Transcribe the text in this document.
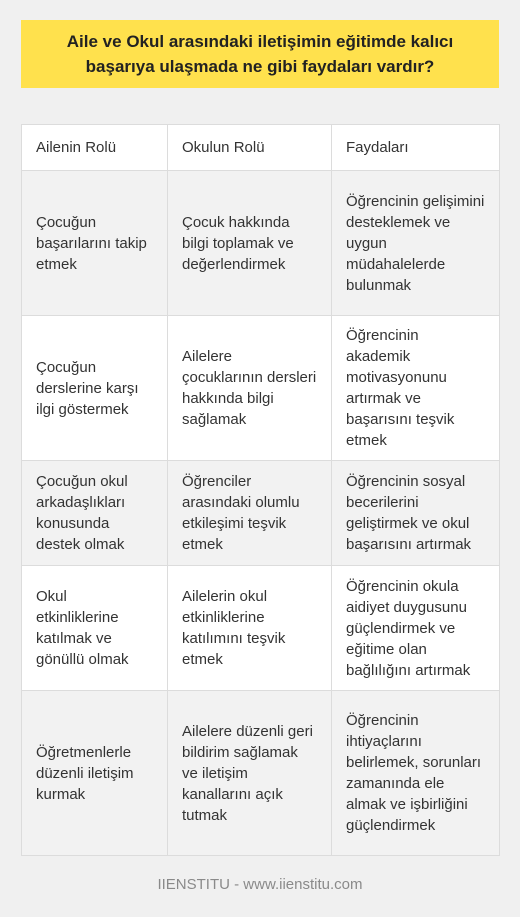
Aile ve Okul arasındaki iletişimin eğitimde kalıcı başarıya ulaşmada ne gibi faydaları vardır?
Ailenin Rolü	Okulun Rolü	Faydaları
Çocuğun başarılarını takip etmek	Çocuk hakkında bilgi toplamak ve değerlendirmek	Öğrencinin gelişimini desteklemek ve uygun müdahalelerde bulunmak
Çocuğun derslerine karşı ilgi göstermek	Ailelere çocuklarının dersleri hakkında bilgi sağlamak	Öğrencinin akademik motivasyonunu artırmak ve başarısını teşvik etmek
Çocuğun okul arkadaşlıkları konusunda destek olmak	Öğrenciler arasındaki olumlu etkileşimi teşvik etmek	Öğrencinin sosyal becerilerini geliştirmek ve okul başarısını artırmak
Okul etkinliklerine katılmak ve gönüllü olmak	Ailelerin okul etkinliklerine katılımını teşvik etmek	Öğrencinin okula aidiyet duygusunu güçlendirmek ve eğitime olan bağlılığını artırmak
Öğretmenlerle düzenli iletişim kurmak	Ailelere düzenli geri bildirim sağlamak ve iletişim kanallarını açık tutmak	Öğrencinin ihtiyaçlarını belirlemek, sorunları zamanında ele almak ve işbirliğini güçlendirmek
IIENSTITU - www.iienstitu.com
